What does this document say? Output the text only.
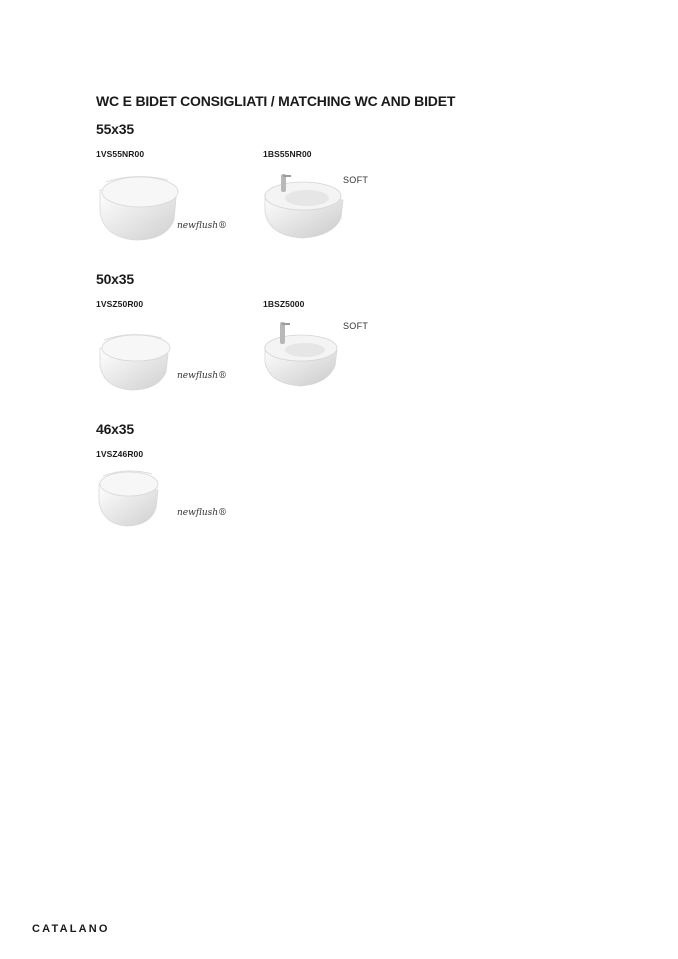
WC E BIDET CONSIGLIATI / MATCHING WC AND BIDET
55x35
1VS55NR00	1BS55NR00
newflush®
SOFT
50x35
1VSZ50R00	1BSZ5000
newflush®
SOFT
46x35
1VSZ46R00
newflush®
CATALANO
